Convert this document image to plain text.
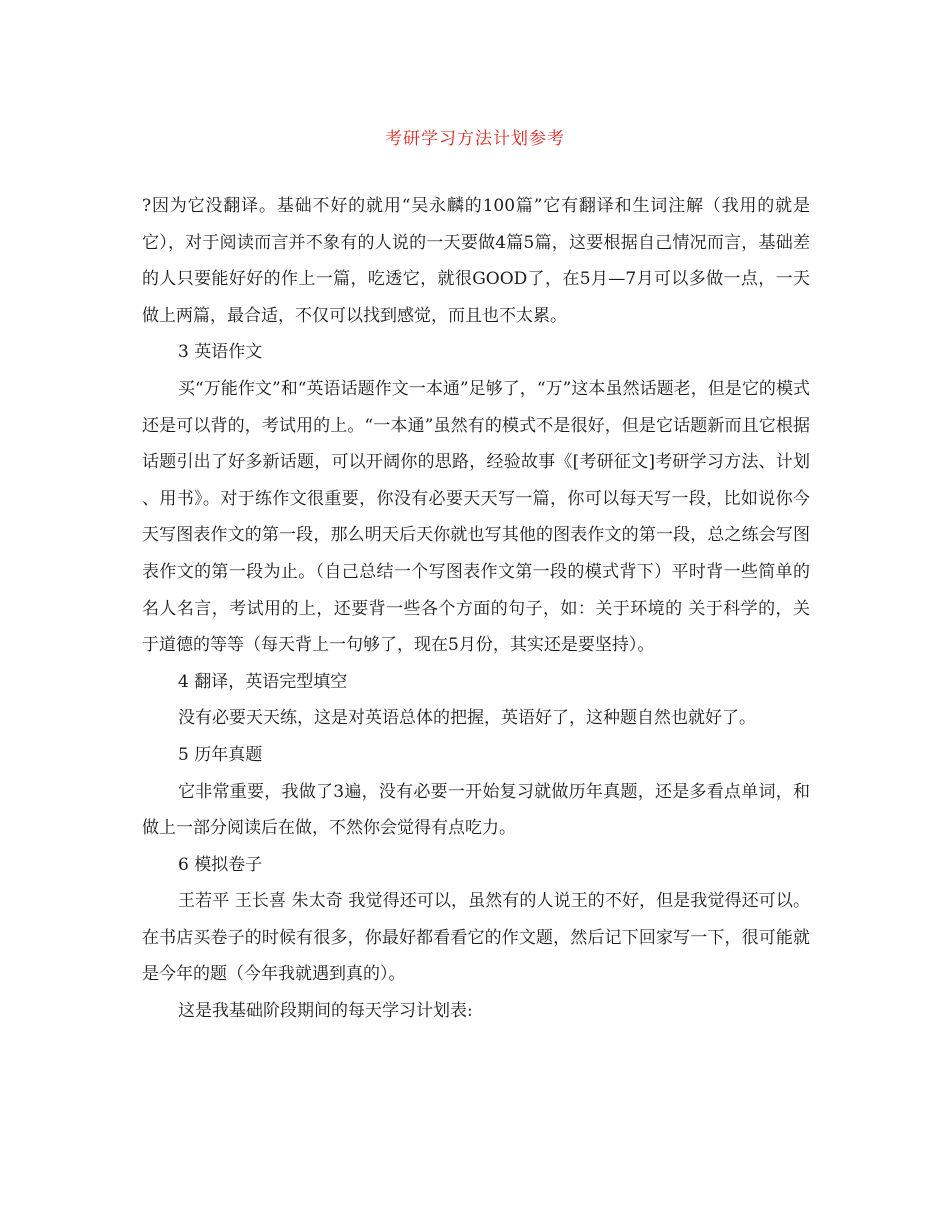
考研学习方法计划参考

?因为它没翻译。基础不好的就用“吴永麟的100篇”它有翻译和生词注解（我用的就是它），对于阅读而言并不象有的人说的一天要做4篇5篇，这要根据自己情况而言，基础差的人只要能好好的作上一篇，吃透它，就很GOOD了，在5月—7月可以多做一点，一天做上两篇，最合适，不仅可以找到感觉，而且也不太累。

3 英语作文

买“万能作文”和“英语话题作文一本通”足够了，“万”这本虽然话题老，但是它的模式还是可以背的，考试用的上。“一本通”虽然有的模式不是很好，但是它话题新而且它根据话题引出了好多新话题，可以开阔你的思路，经验故事《[考研征文]考研学习方法、计划 、用书》。对于练作文很重要，你没有必要天天写一篇，你可以每天写一段，比如说你今天写图表作文的第一段，那么明天后天你就也写其他的图表作文的第一段，总之练会写图表作文的第一段为止。（自己总结一个写图表作文第一段的模式背下）平时背一些简单的名人名言，考试用的上，还要背一些各个方面的句子，如：关于环境的 关于科学的，关于道德的等等（每天背上一句够了，现在5月份，其实还是要坚持）。

4 翻译，英语完型填空

没有必要天天练，这是对英语总体的把握，英语好了，这种题自然也就好了。

5 历年真题

它非常重要，我做了3遍，没有必要一开始复习就做历年真题，还是多看点单词，和做上一部分阅读后在做，不然你会觉得有点吃力。

6 模拟卷子

王若平 王长喜 朱太奇 我觉得还可以，虽然有的人说王的不好，但是我觉得还可以。在书店买卷子的时候有很多，你最好都看看它的作文题，然后记下回家写一下，很可能就是今年的题（今年我就遇到真的）。

这是我基础阶段期间的每天学习计划表:
